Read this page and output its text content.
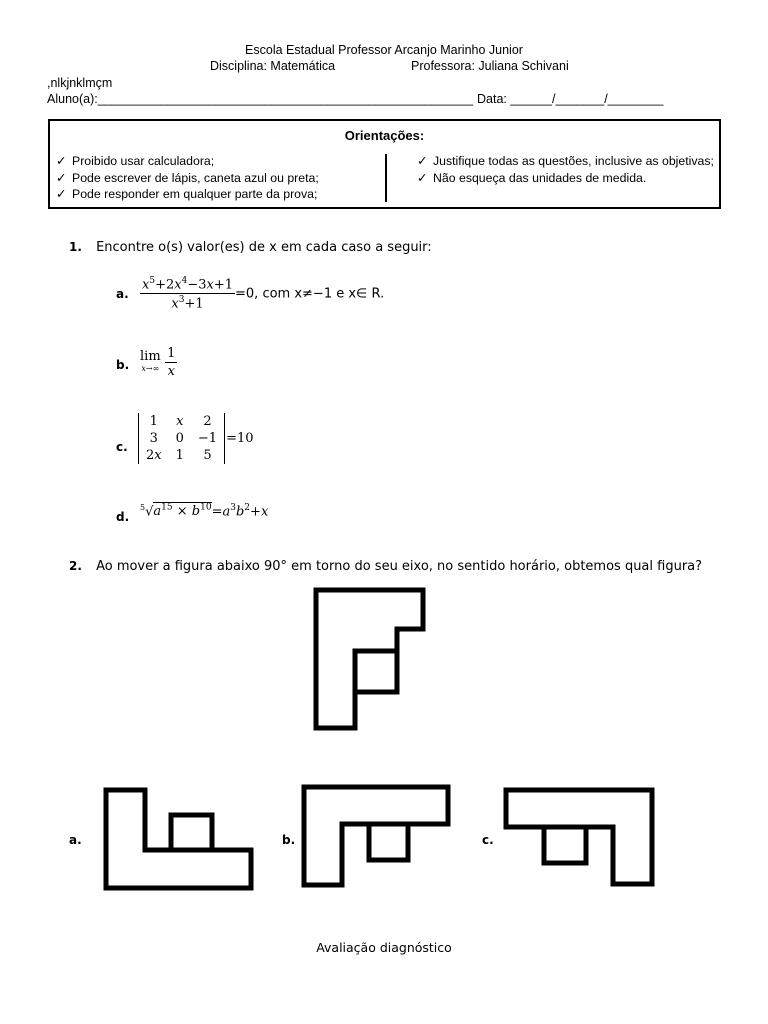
Escola Estadual Professor Arcanjo Marinho Junior
Disciplina: Matemática	Professora: Juliana Schivani
,nlkjnklmçm
Aluno(a):______________________________________________________ Data: ______/_______/________
Orientações:
✓ Proibido usar calculadora;
✓ Pode escrever de lápis, caneta azul ou preta;
✓ Pode responder em qualquer parte da prova;
✓ Justifique todas as questões, inclusive as objetivas;
✓ Não esqueça das unidades de medida.
1. Encontre o(s) valor(es) de x em cada caso a seguir:
a. $\frac{x^5+2x^4-3x+1}{x^3+1} =0$, com x≠−1 e x∈ R.
b.
lim
x→∞
$\frac{1}{x}$
c.
1	x	2
3	0	−1
2x	1	5
=10
d.
$^5√a^{15} \times b^{10}=a^3b^2+x$
2. Ao mover a figura abaixo 90° em torno do seu eixo, no sentido horário, obtemos qual figura?
a.	b.	c.
Avaliação diagnóstico
